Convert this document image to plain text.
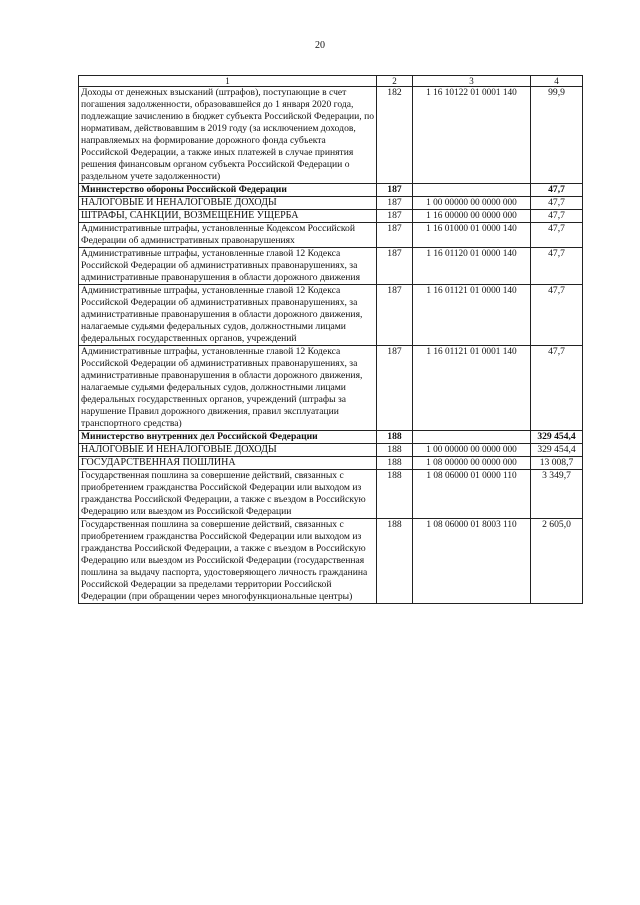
20
1	2	3	4
Доходы от денежных взысканий (штрафов), поступающие в счет погашения задолженности, образовавшейся до 1 января 2020 года, подлежащие зачислению в бюджет субъекта Российской Федерации, по нормативам, действовавшим в 2019 году (за исключением доходов, направляемых на формирование дорожного фонда субъекта Российской Федерации, а также иных платежей в случае принятия решения финансовым органом субъекта Российской Федерации о раздельном учете задолженности)	182	1 16 10122 01 0001 140	99,9
Министерство обороны Российской Федерации	187		47,7
НАЛОГОВЫЕ И НЕНАЛОГОВЫЕ ДОХОДЫ	187	1 00 00000 00 0000 000	47,7
ШТРАФЫ, САНКЦИИ, ВОЗМЕЩЕНИЕ УЩЕРБА	187	1 16 00000 00 0000 000	47,7
Административные штрафы, установленные Кодексом Российской Федерации об административных правонарушениях	187	1 16 01000 01 0000 140	47,7
Административные штрафы, установленные главой 12 Кодекса Российской Федерации об административных правонарушениях, за административные правонарушения в области дорожного движения	187	1 16 01120 01 0000 140	47,7
Административные штрафы, установленные главой 12 Кодекса Российской Федерации об административных правонарушениях, за административные правонарушения в области дорожного движения, налагаемые судьями федеральных судов, должностными лицами федеральных государственных органов, учреждений	187	1 16 01121 01 0000 140	47,7
Административные штрафы, установленные главой 12 Кодекса Российской Федерации об административных правонарушениях, за административные правонарушения в области дорожного движения, налагаемые судьями федеральных судов, должностными лицами федеральных государственных органов, учреждений (штрафы за нарушение Правил дорожного движения, правил эксплуатации транспортного средства)	187	1 16 01121 01 0001 140	47,7
Министерство внутренних дел Российской Федерации	188		329 454,4
НАЛОГОВЫЕ И НЕНАЛОГОВЫЕ ДОХОДЫ	188	1 00 00000 00 0000 000	329 454,4
ГОСУДАРСТВЕННАЯ ПОШЛИНА	188	1 08 00000 00 0000 000	13 008,7
Государственная пошлина за совершение действий, связанных с приобретением гражданства Российской Федерации или выходом из гражданства Российской Федерации, а также с въездом в Российскую Федерацию или выездом из Российской Федерации	188	1 08 06000 01 0000 110	3 349,7
Государственная пошлина за совершение действий, связанных с приобретением гражданства Российской Федерации или выходом из гражданства Российской Федерации, а также с въездом в Российскую Федерацию или выездом из Российской Федерации (государственная пошлина за выдачу паспорта, удостоверяющего личность гражданина Российской Федерации за пределами территории Российской Федерации (при обращении через многофункциональные центры)	188	1 08 06000 01 8003 110	2 605,0
